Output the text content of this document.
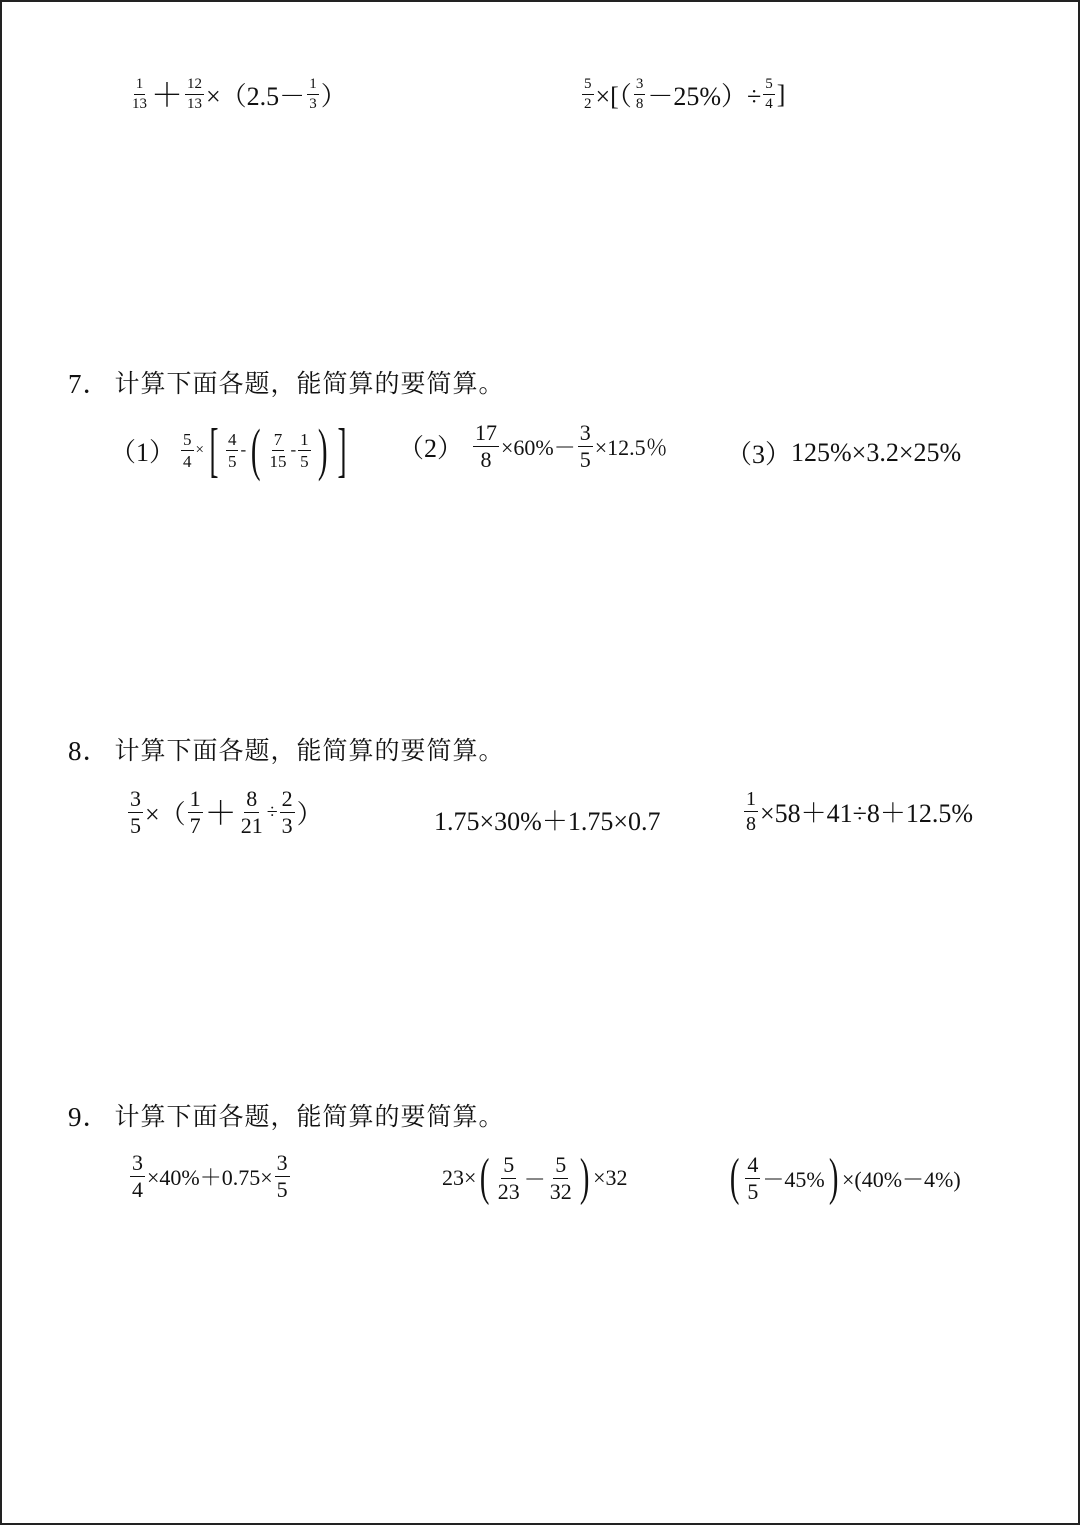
$\frac{1}{13} + \frac{12}{13} \times(2.5- \frac{1}{3}$ ）	$\frac{5}{2}$ ×[（ $\frac{3}{8} -25\%)\div \frac{5}{4}$ ]
7． 计算下面各题，能简算的要简算。
$(1) \frac{5}{4}$ × [ $\frac{4}{5}$ - ( $\frac{7}{15} - \frac{1}{5}$ ) ] $(2) \frac{17}{8} \times 60\%- \frac{3}{5} \times 12.5$％ （3） 125%×3.2×25%
8． 计算下面各题，能简算的要简算。
$\frac{3}{5}$ ×（ $\frac{1}{7} + \frac{8}{21} \div \frac{2}{3}$ ）	1.75×30%＋1.75×0.7	$\frac{1}{8} \times 58+41\div 8+12.5\%$
9． 计算下面各题，能简算的要简算。
$\frac{3}{4} \times 40\%+0.75\times \frac{3}{5}$	23× ( $\frac{5}{23} - \frac{5}{32}$ ) ×32 ( $\frac{4}{5} -45\%$ ) ×(40%－4%)
